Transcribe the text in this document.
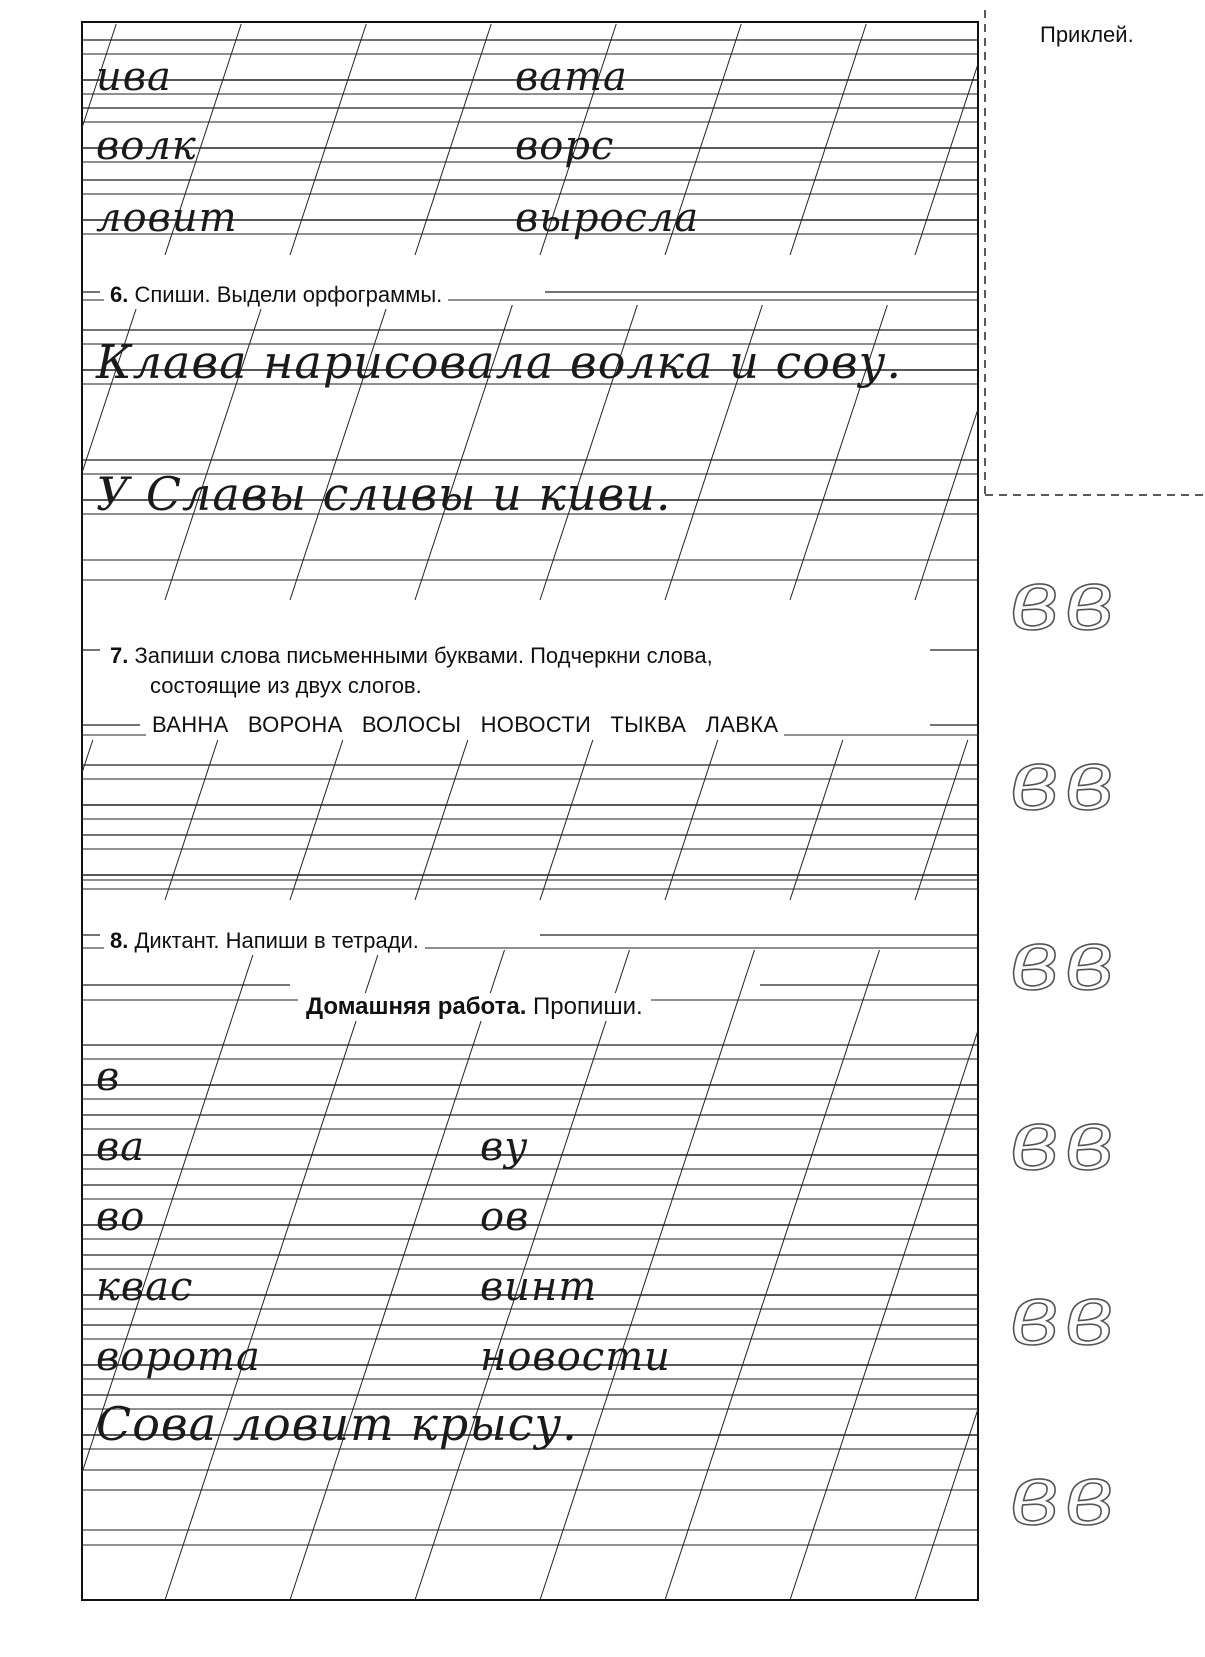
Приклей.
вв
вв
вв
вв
вв
вв
ива
волк
ловит
вата
ворс
выросла
6. Спиши. Выдели орфограммы.
Клава нарисовала волка и сову.
У Славы сливы и киви.
7. Запиши слова письменными буквами. Подчеркни слова,
состоящие из двух слогов.
ВАННА ВОРОНА ВОЛОСЫ НОВОСТИ ТЫКВА ЛАВКА
8. Диктант. Напиши в тетради.
Домашняя работа. Пропиши.
в
ва
во
квас
ворота
ву
ов
винт
новости
Сова ловит крысу.
